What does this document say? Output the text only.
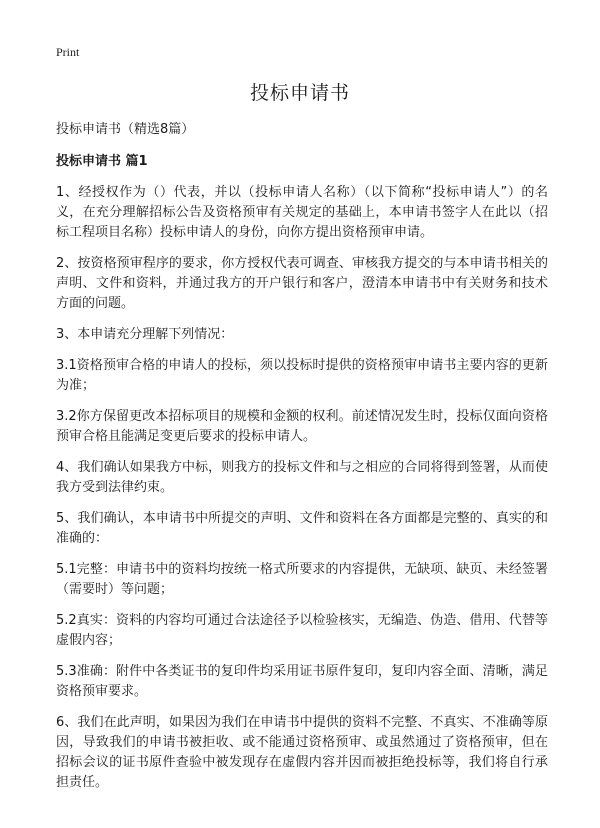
Print
投标申请书

投标申请书（精选8篇）

投标申请书 篇1

1、经授权作为（）代表，并以（投标申请人名称）（以下简称“投标申请人”）的名义，在充分理解招标公告及资格预审有关规定的基础上，本申请书签字人在此以（招标工程项目名称）投标申请人的身份，向你方提出资格预审申请。

2、按资格预审程序的要求，你方授权代表可调查、审核我方提交的与本申请书相关的声明、文件和资料，并通过我方的开户银行和客户，澄清本申请书中有关财务和技术方面的问题。

3、本申请充分理解下列情况：

3.1资格预审合格的申请人的投标，须以投标时提供的资格预审申请书主要内容的更新为准；

3.2你方保留更改本招标项目的规模和金额的权利。前述情况发生时，投标仅面向资格预审合格且能满足变更后要求的投标申请人。

4、我们确认如果我方中标，则我方的投标文件和与之相应的合同将得到签署，从而使我方受到法律约束。

5、我们确认，本申请书中所提交的声明、文件和资料在各方面都是完整的、真实的和准确的：

5.1完整：申请书中的资料均按统一格式所要求的内容提供，无缺项、缺页、未经签署（需要时）等问题；

5.2真实：资料的内容均可通过合法途径予以检验核实，无编造、伪造、借用、代替等虚假内容；

5.3准确：附件中各类证书的复印件均采用证书原件复印，复印内容全面、清晰，满足资格预审要求。

6、我们在此声明，如果因为我们在申请书中提供的资料不完整、不真实、不准确等原因，导致我们的申请书被拒收、或不能通过资格预审、或虽然通过了资格预审，但在招标会议的证书原件查验中被发现存在虚假内容并因而被拒绝投标等，我们将自行承担责任。
